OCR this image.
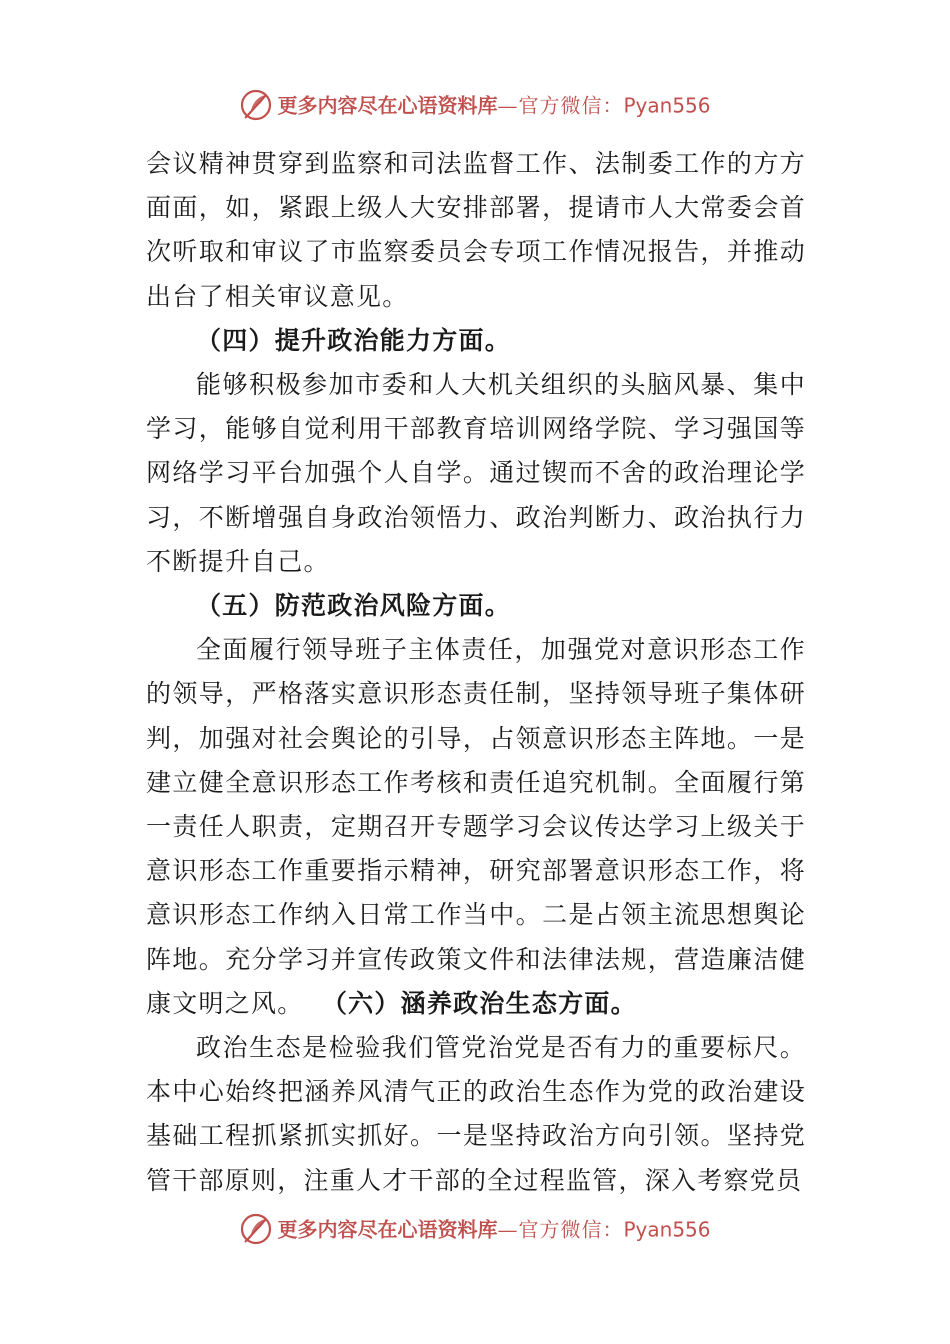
更多内容尽在心语资料库—官方微信：Pyan556

会议精神贯穿到监察和司法监督工作、法制委工作的方方面面，如，紧跟上级人大安排部署，提请市人大常委会首次听取和审议了市监察委员会专项工作情况报告，并推动出台了相关审议意见。

（四）提升政治能力方面。

能够积极参加市委和人大机关组织的头脑风暴、集中学习，能够自觉利用干部教育培训网络学院、学习强国等网络学习平台加强个人自学。通过锲而不舍的政治理论学习，不断增强自身政治领悟力、政治判断力、政治执行力不断提升自己。

（五）防范政治风险方面。

全面履行领导班子主体责任，加强党对意识形态工作的领导，严格落实意识形态责任制，坚持领导班子集体研判，加强对社会舆论的引导，占领意识形态主阵地。一是建立健全意识形态工作考核和责任追究机制。全面履行第一责任人职责，定期召开专题学习会议传达学习上级关于意识形态工作重要指示精神，研究部署意识形态工作，将意识形态工作纳入日常工作当中。二是占领主流思想舆论阵地。充分学习并宣传政策文件和法律法规，营造廉洁健康文明之风。 （六）涵养政治生态方面。

政治生态是检验我们管党治党是否有力的重要标尺。本中心始终把涵养风清气正的政治生态作为党的政治建设基础工程抓紧抓实抓好。一是坚持政治方向引领。坚持党管干部原则，注重人才干部的全过程监管，深入考察党员

更多内容尽在心语资料库—官方微信：Pyan556
